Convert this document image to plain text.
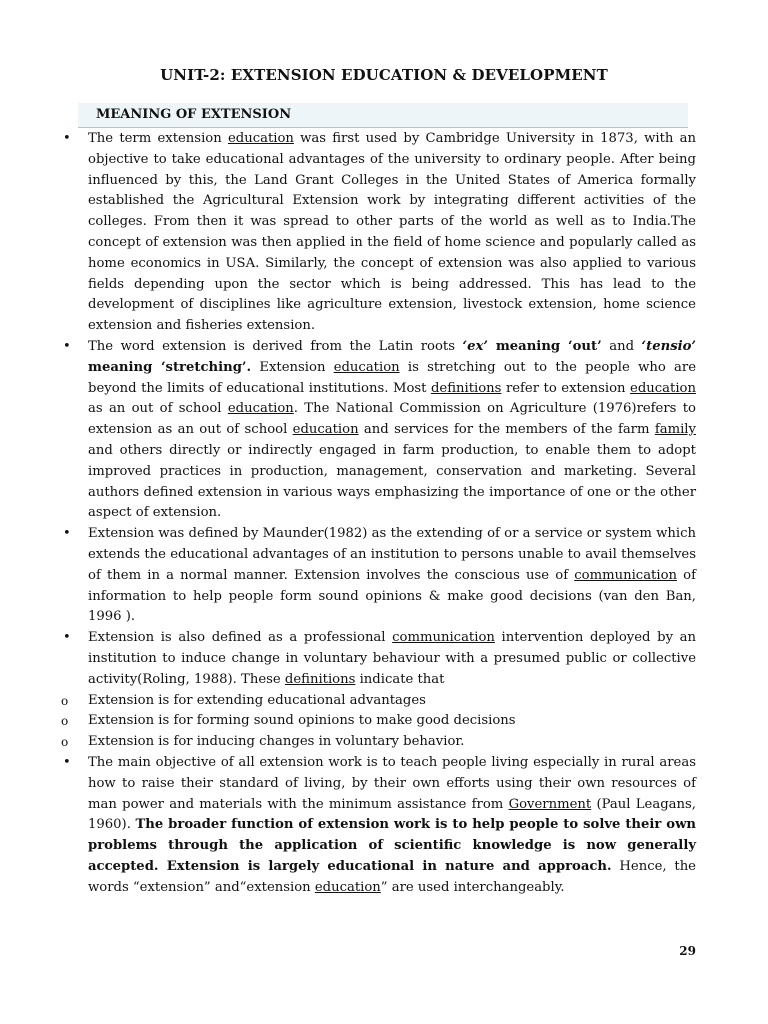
UNIT-2: EXTENSION EDUCATION & DEVELOPMENT
MEANING OF EXTENSION
•	The term extension education was first used by Cambridge University in 1873, with an objective to take educational advantages of the university to ordinary people. After being influenced by this, the Land Grant Colleges in the United States of America formally established the Agricultural Extension work by integrating different activities of the colleges. From then it was spread to other parts of the world as well as to India.The concept of extension was then applied in the field of home science and popularly called as home economics in USA. Similarly, the concept of extension was also applied to various fields depending upon the sector which is being addressed. This has lead to the development of disciplines like agriculture extension, livestock extension, home science extension and fisheries extension.
•	The word extension is derived from the Latin roots ‘ex’ meaning ‘out’ and ‘tensio’ meaning ‘stretching’. Extension education is stretching out to the people who are beyond the limits of educational institutions. Most definitions refer to extension education as an out of school education. The National Commission on Agriculture (1976)refers to extension as an out of school education and services for the members of the farm family and others directly or indirectly engaged in farm production, to enable them to adopt improved practices in production, management, conservation and marketing. Several authors defined extension in various ways emphasizing the importance of one or the other aspect of extension.
•	Extension was defined by Maunder(1982) as the extending of or a service or system which extends the educational advantages of an institution to persons unable to avail themselves of them in a normal manner. Extension involves the conscious use of communication of information to help people form sound opinions & make good decisions (van den Ban, 1996 ).
•	Extension is also defined as a professional communication intervention deployed by an institution to induce change in voluntary behaviour with a presumed public or collective activity(Roling, 1988). These definitions indicate that
o	Extension is for extending educational advantages
o	Extension is for forming sound opinions to make good decisions
o	Extension is for inducing changes in voluntary behavior.
•	The main objective of all extension work is to teach people living especially in rural areas how to raise their standard of living, by their own efforts using their own resources of man power and materials with the minimum assistance from Government (Paul Leagans, 1960). The broader function of extension work is to help people to solve their own problems through the application of scientific knowledge is now generally accepted. Extension is largely educational in nature and approach. Hence, the words “extension” and“extension education” are used interchangeably.
29
